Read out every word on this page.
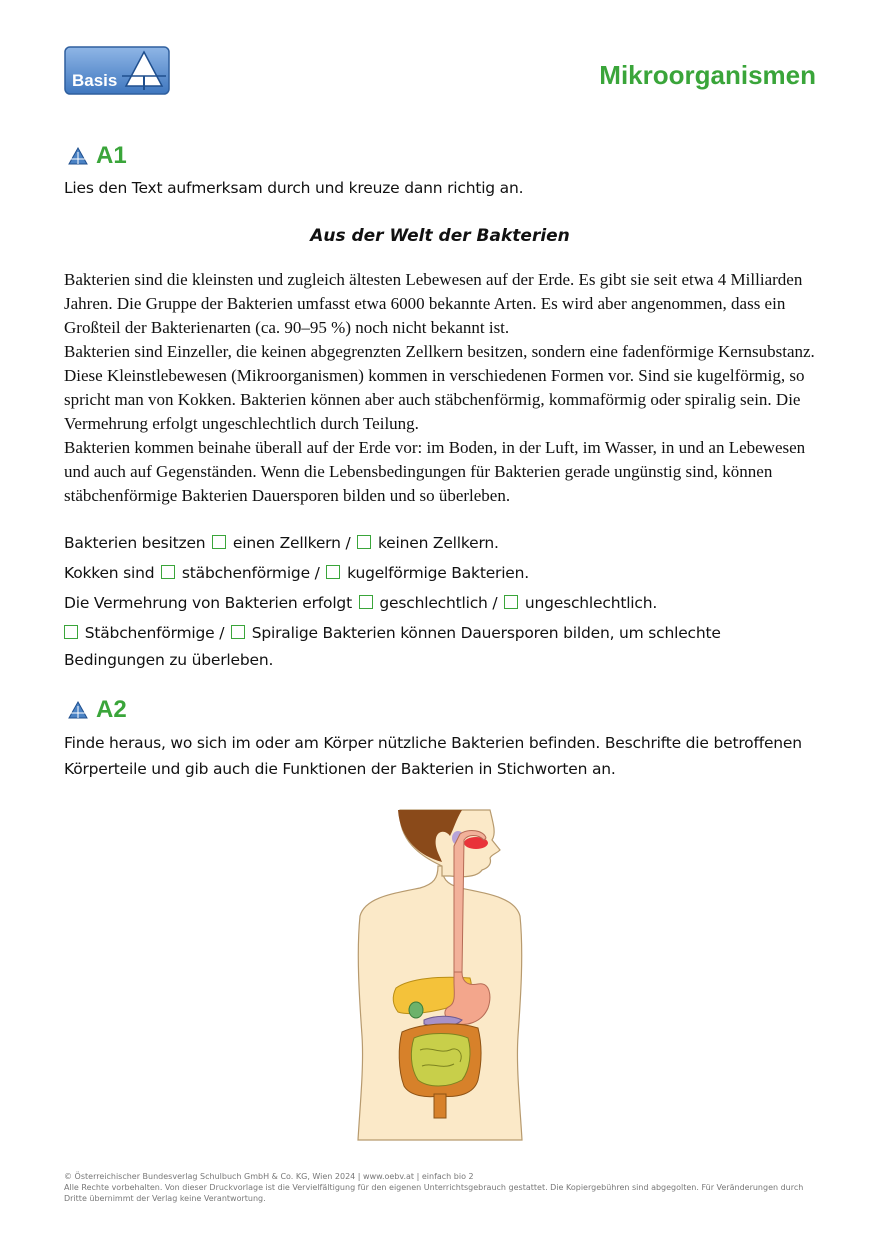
Basis	Mikroorganismen
A1
Lies den Text aufmerksam durch und kreuze dann richtig an.
Aus der Welt der Bakterien

Bakterien sind die kleinsten und zugleich ältesten Lebewesen auf der Erde. Es gibt sie seit etwa 4 Milliarden Jahren. Die Gruppe der Bakterien umfasst etwa 6000 bekannte Arten. Es wird aber angenommen, dass ein Großteil der Bakterienarten (ca. 90–95 %) noch nicht bekannt ist.

Bakterien sind Einzeller, die keinen abgegrenzten Zellkern besitzen, sondern eine fadenförmige Kernsubstanz. Diese Kleinstlebewesen (Mikroorganismen) kommen in verschiedenen Formen vor. Sind sie kugelförmig, so spricht man von Kokken. Bakterien können aber auch stäbchenförmig, kommaförmig oder spiralig sein. Die Vermehrung erfolgt ungeschlechtlich durch Teilung.

Bakterien kommen beinahe überall auf der Erde vor: im Boden, in der Luft, im Wasser, in und an Lebewesen und auch auf Gegenständen. Wenn die Lebensbedingungen für Bakterien gerade ungünstig sind, können stäbchenförmige Bakterien Dauersporen bilden und so überleben.

Bakterien besitzen einen Zellkern / keinen Zellkern.
Kokken sind stäbchenförmige / kugelförmige Bakterien.
Die Vermehrung von Bakterien erfolgt geschlechtlich / ungeschlechtlich.
Stäbchenförmige / Spiralige Bakterien können Dauersporen bilden, um schlechte Bedingungen zu überleben.
A2
Finde heraus, wo sich im oder am Körper nützliche Bakterien befinden. Beschrifte die betroffenen Körperteile und gib auch die Funktionen der Bakterien in Stichworten an.
© Österreichischer Bundesverlag Schulbuch GmbH & Co. KG, Wien 2024 | www.oebv.at | einfach bio 2
Alle Rechte vorbehalten. Von dieser Druckvorlage ist die Vervielfältigung für den eigenen Unterrichtsgebrauch gestattet. Die Kopiergebühren sind abgegolten. Für Veränderungen durch
Dritte übernimmt der Verlag keine Verantwortung.
